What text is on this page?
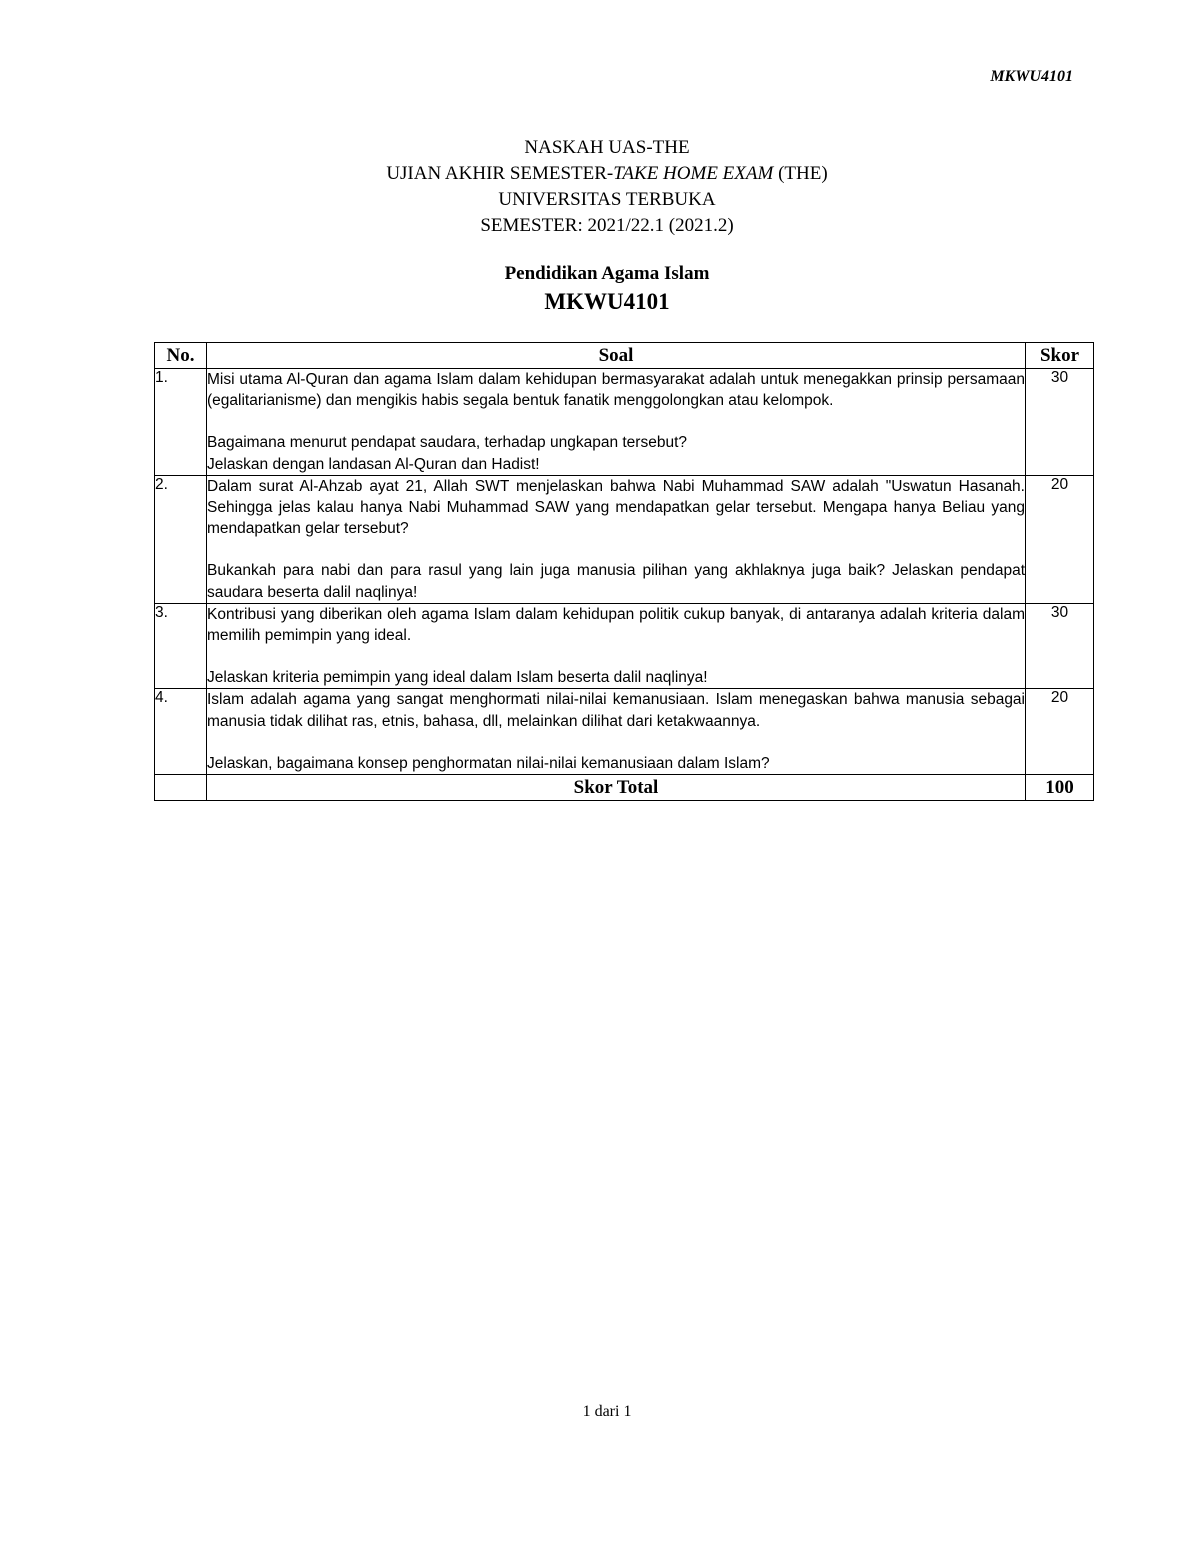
MKWU4101
NASKAH UAS-THE
UJIAN AKHIR SEMESTER-TAKE HOME EXAM (THE)
UNIVERSITAS TERBUKA
SEMESTER: 2021/22.1 (2021.2)
Pendidikan Agama Islam
MKWU4101
No.	Soal	Skor
1.	Misi utama Al-Quran dan agama Islam dalam kehidupan bermasyarakat adalah untuk menegakkan prinsip persamaan (egalitarianisme) dan mengikis habis segala bentuk fanatik menggolongkan atau kelompok.

Bagaimana menurut pendapat saudara, terhadap ungkapan tersebut?
Jelaskan dengan landasan Al-Quran dan Hadist!	30
2.	Dalam surat Al-Ahzab ayat 21, Allah SWT menjelaskan bahwa Nabi Muhammad SAW adalah "Uswatun Hasanah. Sehingga jelas kalau hanya Nabi Muhammad SAW yang mendapatkan gelar tersebut. Mengapa hanya Beliau yang mendapatkan gelar tersebut?

Bukankah para nabi dan para rasul yang lain juga manusia pilihan yang akhlaknya juga baik? Jelaskan pendapat saudara beserta dalil naqlinya!	20
3.	Kontribusi yang diberikan oleh agama Islam dalam kehidupan politik cukup banyak, di antaranya adalah kriteria dalam memilih pemimpin yang ideal.

Jelaskan kriteria pemimpin yang ideal dalam Islam beserta dalil naqlinya!	30
4.	Islam adalah agama yang sangat menghormati nilai-nilai kemanusiaan. Islam menegaskan bahwa manusia sebagai manusia tidak dilihat ras, etnis, bahasa, dll, melainkan dilihat dari ketakwaannya.

Jelaskan, bagaimana konsep penghormatan nilai-nilai kemanusiaan dalam Islam?	20
	Skor Total	100
1 dari 1
